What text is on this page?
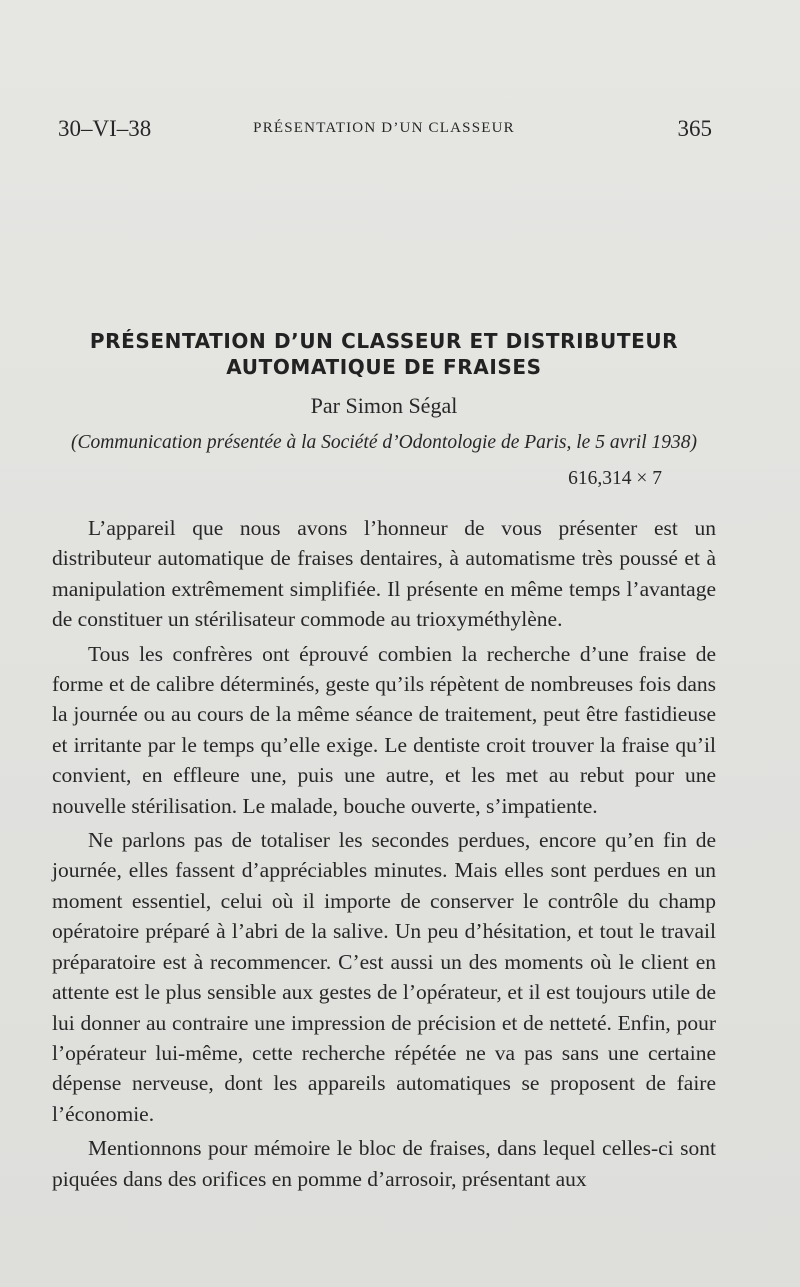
30–VI–38	PRÉSENTATION D’UN CLASSEUR	365
PRÉSENTATION D’UN CLASSEUR ET DISTRIBUTEUR
AUTOMATIQUE DE FRAISES
Par Simon Ségal
(Communication présentée à la Société d’Odontologie de Paris, le 5 avril 1938)
616,314 × 7

L’appareil que nous avons l’honneur de vous présenter est un distributeur automatique de fraises dentaires, à automatisme très poussé et à manipulation extrêmement simplifiée. Il présente en même temps l’avantage de constituer un stérilisateur commode au trioxyméthylène.

Tous les confrères ont éprouvé combien la recherche d’une fraise de forme et de calibre déterminés, geste qu’ils répètent de nombreuses fois dans la journée ou au cours de la même séance de traitement, peut être fastidieuse et irritante par le temps qu’elle exige. Le dentiste croit trouver la fraise qu’il convient, en effleure une, puis une autre, et les met au rebut pour une nouvelle stérilisation. Le malade, bouche ouverte, s’impatiente.

Ne parlons pas de totaliser les secondes perdues, encore qu’en fin de journée, elles fassent d’appréciables minutes. Mais elles sont perdues en un moment essentiel, celui où il importe de conserver le contrôle du champ opératoire préparé à l’abri de la salive. Un peu d’hésitation, et tout le travail préparatoire est à recommencer. C’est aussi un des moments où le client en attente est le plus sensible aux gestes de l’opérateur, et il est toujours utile de lui donner au contraire une impression de précision et de netteté. Enfin, pour l’opérateur lui-même, cette recherche répétée ne va pas sans une certaine dépense nerveuse, dont les appareils automatiques se proposent de faire l’économie.

Mentionnons pour mémoire le bloc de fraises, dans lequel celles-ci sont piquées dans des orifices en pomme d’arrosoir, présentant aux
